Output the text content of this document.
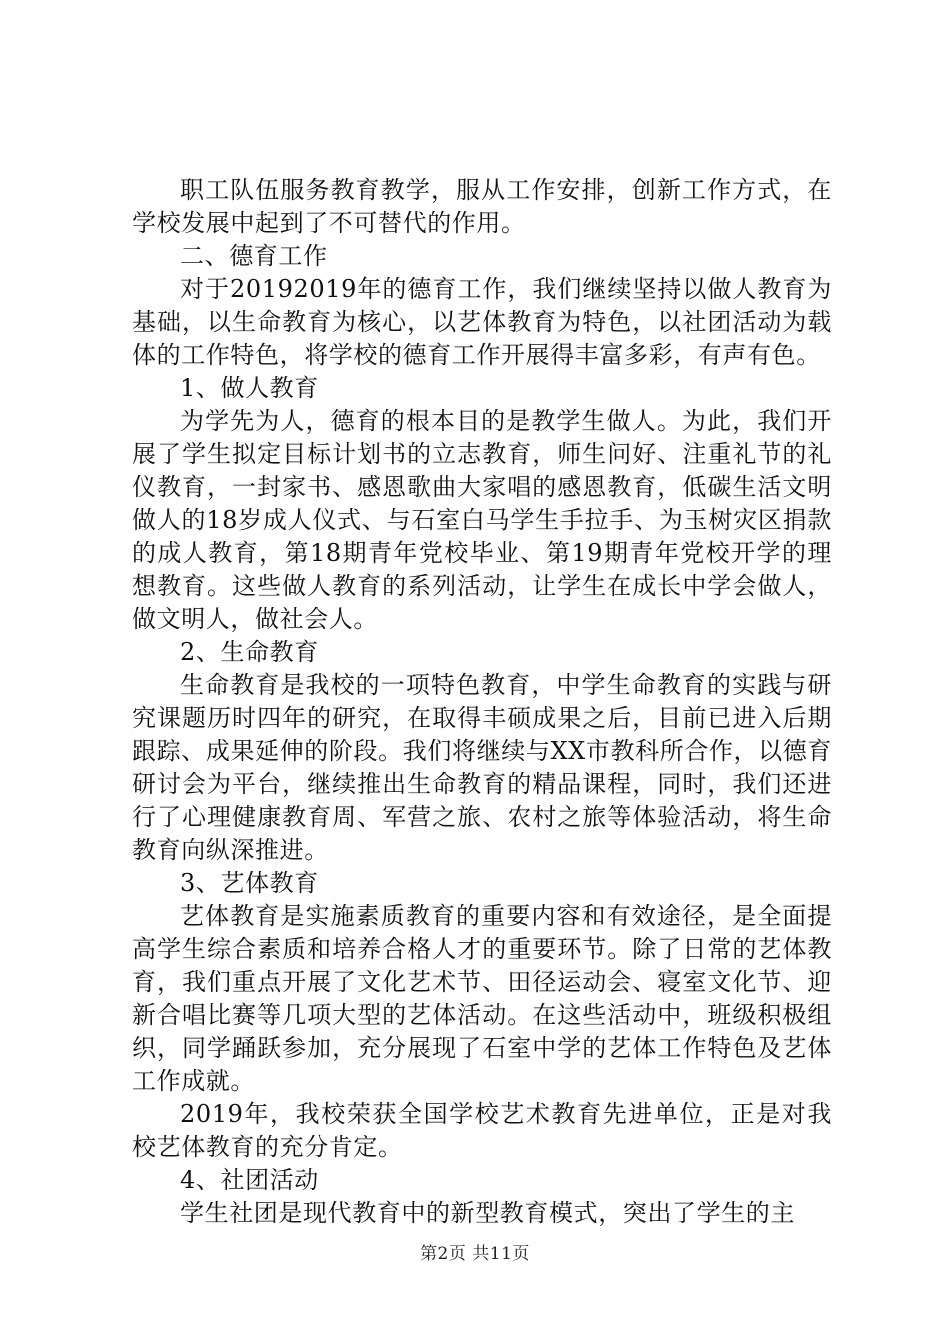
职工队伍服务教育教学，服从工作安排，创新工作方式，在学校发展中起到了不可替代的作用。

二、德育工作

对于20192019年的德育工作，我们继续坚持以做人教育为基础，以生命教育为核心，以艺体教育为特色，以社团活动为载体的工作特色，将学校的德育工作开展得丰富多彩，有声有色。

1、做人教育

为学先为人，德育的根本目的是教学生做人。为此，我们开展了学生拟定目标计划书的立志教育，师生问好、注重礼节的礼仪教育，一封家书、感恩歌曲大家唱的感恩教育，低碳生活文明做人的18岁成人仪式、与石室白马学生手拉手、为玉树灾区捐款的成人教育，第18期青年党校毕业、第19期青年党校开学的理想教育。这些做人教育的系列活动，让学生在成长中学会做人，做文明人，做社会人。

2、生命教育

生命教育是我校的一项特色教育，中学生命教育的实践与研究课题历时四年的研究，在取得丰硕成果之后，目前已进入后期跟踪、成果延伸的阶段。我们将继续与XX市教科所合作，以德育研讨会为平台，继续推出生命教育的精品课程，同时，我们还进行了心理健康教育周、军营之旅、农村之旅等体验活动，将生命教育向纵深推进。

3、艺体教育

艺体教育是实施素质教育的重要内容和有效途径，是全面提高学生综合素质和培养合格人才的重要环节。除了日常的艺体教育，我们重点开展了文化艺术节、田径运动会、寝室文化节、迎新合唱比赛等几项大型的艺体活动。在这些活动中，班级积极组织，同学踊跃参加，充分展现了石室中学的艺体工作特色及艺体工作成就。

2019年，我校荣获全国学校艺术教育先进单位，正是对我校艺体教育的充分肯定。

4、社团活动

学生社团是现代教育中的新型教育模式，突出了学生的主

第2页 共11页
